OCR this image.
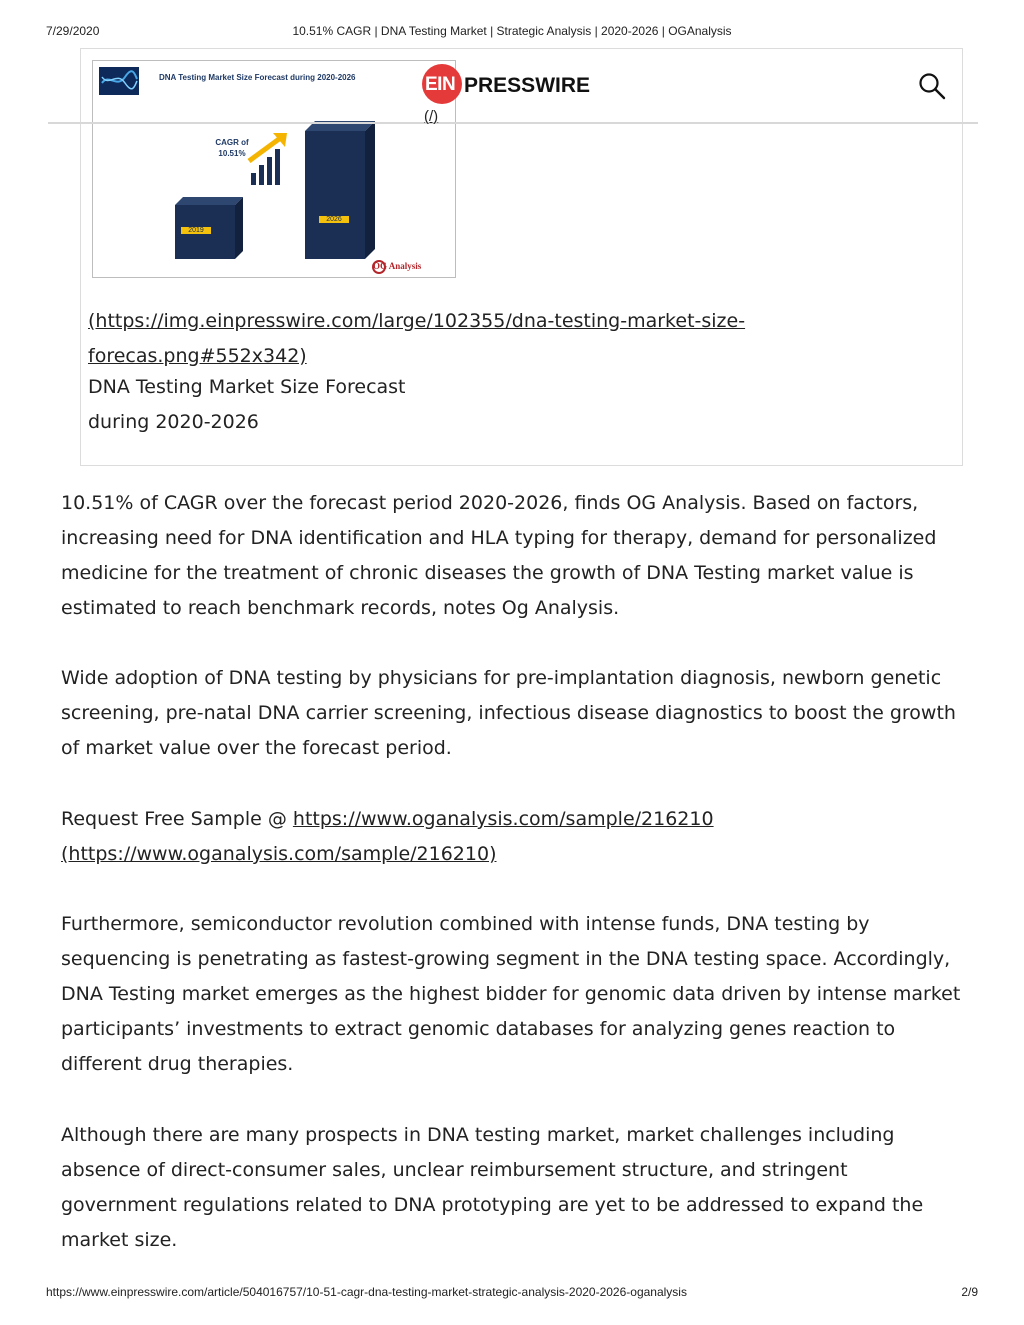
7/29/2020	10.51% CAGR | DNA Testing Market | Strategic Analysis | 2020-2026 | OGAnalysis
DNA Testing Market Size Forecast during 2020-2026
CAGR of
10.51%
2019
2026
OG Analysis
EIN PRESSWIRE
(/)
(https://img.einpresswire.com/large/102355/dna-testing-market-size-forecas.png#552x342)
DNA Testing Market Size Forecast
during 2020-2026

10.51% of CAGR over the forecast period 2020-2026, finds OG Analysis. Based on factors, increasing need for DNA identification and HLA typing for therapy, demand for personalized medicine for the treatment of chronic diseases the growth of DNA Testing market value is estimated to reach benchmark records, notes Og Analysis.

Wide adoption of DNA testing by physicians for pre-implantation diagnosis, newborn genetic screening, pre-natal DNA carrier screening, infectious disease diagnostics to boost the growth of market value over the forecast period.

Request Free Sample @ https://www.oganalysis.com/sample/216210
(https://www.oganalysis.com/sample/216210)

Furthermore, semiconductor revolution combined with intense funds, DNA testing by sequencing is penetrating as fastest-growing segment in the DNA testing space. Accordingly, DNA Testing market emerges as the highest bidder for genomic data driven by intense market participants’ investments to extract genomic databases for analyzing genes reaction to different drug therapies.

Although there are many prospects in DNA testing market, market challenges including absence of direct-consumer sales, unclear reimbursement structure, and stringent government regulations related to DNA prototyping are yet to be addressed to expand the market size.

https://www.einpresswire.com/article/504016757/10-51-cagr-dna-testing-market-strategic-analysis-2020-2026-oganalysis	2/9
